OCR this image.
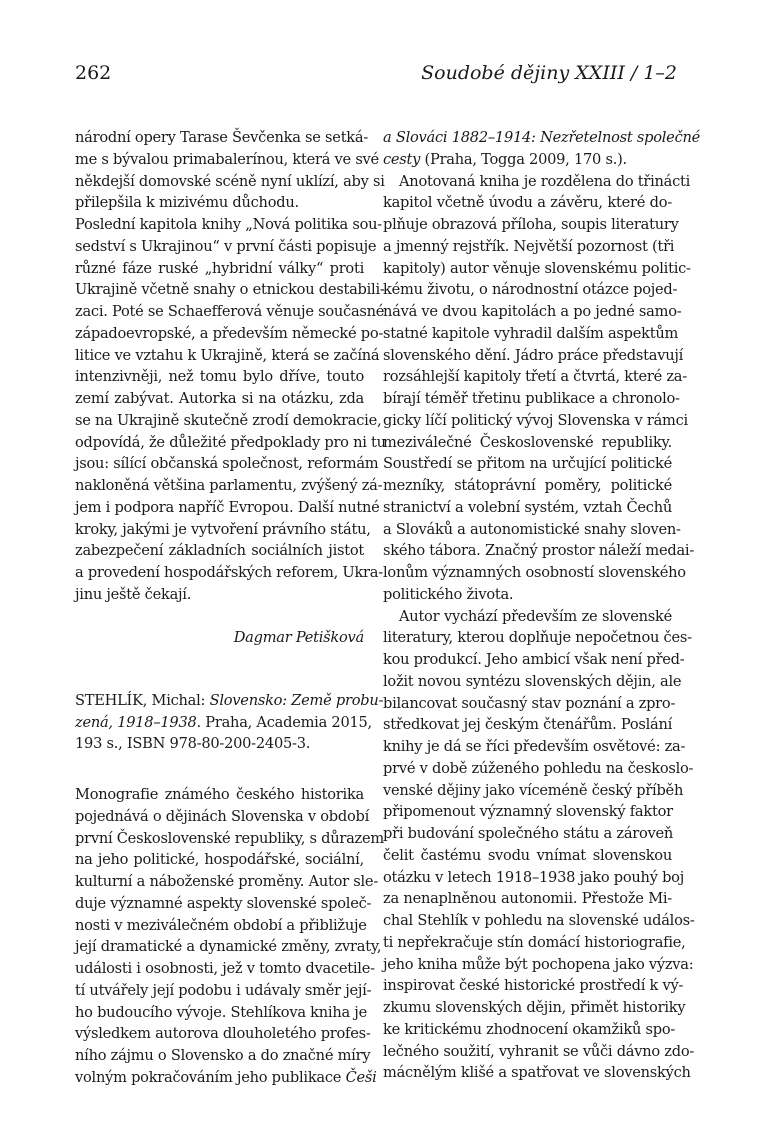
262	Soudobé dějiny XXIII / 1–2
národní opery Tarase Ševčenka se setká-
me s bývalou primabalerínou, která ve své
někdejší domovské scéně nyní uklízí, aby si
přilepšila k mizivému důchodu.
Poslední kapitola knihy „Nová politika sou-
sedství s Ukrajinou“ v první části popisuje
různé fáze ruské „hybridní války“ proti
Ukrajině včetně snahy o etnickou destabili-
zaci. Poté se Schaefferová věnuje současné
západoevropské, a především německé po-
litice ve vztahu k Ukrajině, která se začíná
intenzivněji, než tomu bylo dříve, touto
zemí zabývat. Autorka si na otázku, zda
se na Ukrajině skutečně zrodí demokracie,
odpovídá, že důležité předpoklady pro ni tu
jsou: sílící občanská společnost, reformám
nakloněná většina parlamentu, zvýšený zá-
jem i podpora napříč Evropou. Další nutné
kroky, jakými je vytvoření právního státu,
zabezpečení základních sociálních jistot
a provedení hospodářských reforem, Ukra-
jinu ještě čekají.
Dagmar Petišková
STEHLÍK, Michal: Slovensko: Země probu-
zená, 1918–1938. Praha, Academia 2015,
193 s., ISBN 978-80-200-2405-3.
Monografie známého českého historika
pojednává o dějinách Slovenska v období
první Československé republiky, s důrazem
na jeho politické, hospodářské, sociální,
kulturní a náboženské proměny. Autor sle-
duje významné aspekty slovenské společ-
nosti v meziválečném období a přibližuje
její dramatické a dynamické změny, zvraty,
události i osobnosti, jež v tomto dvacetile-
tí utvářely její podobu i udávaly směr její-
ho budoucího vývoje. Stehlíkova kniha je
výsledkem autorova dlouholetého profes-
ního zájmu o Slovensko a do značné míry
volným pokračováním jeho publikace Češi
a Slováci 1882–1914: Nezřetelnost společné
cesty (Praha, Togga 2009, 170 s.).
Anotovaná kniha je rozdělena do třinácti
kapitol včetně úvodu a závěru, které do-
plňuje obrazová příloha, soupis literatury
a jmenný rejstřík. Největší pozornost (tři
kapitoly) autor věnuje slovenskému politic-
kému životu, o národnostní otázce pojed-
nává ve dvou kapitolách a po jedné samo-
statné kapitole vyhradil dalším aspektům
slovenského dění. Jádro práce představují
rozsáhlejší kapitoly třetí a čtvrtá, které za-
bírají téměř třetinu publikace a chronolo-
gicky líčí politický vývoj Slovenska v rámci
meziválečné Československé republiky.
Soustředí se přitom na určující politické
mezníky, státoprávní poměry, politické
stranictví a volební systém, vztah Čechů
a Slováků a autonomistické snahy sloven-
ského tábora. Značný prostor náleží medai-
lonům významných osobností slovenského
politického života.
Autor vychází především ze slovenské
literatury, kterou doplňuje nepočetnou čes-
kou produkcí. Jeho ambicí však není před-
ložit novou syntézu slovenských dějin, ale
bilancovat současný stav poznání a zpro-
středkovat jej českým čtenářům. Poslání
knihy je dá se říci především osvětové: za-
prvé v době zúženého pohledu na českoslo-
venské dějiny jako víceméně český příběh
připomenout významný slovenský faktor
při budování společného státu a zároveň
čelit častému svodu vnímat slovenskou
otázku v letech 1918–1938 jako pouhý boj
za nenaplněnou autonomii. Přestože Mi-
chal Stehlík v pohledu na slovenské událos-
ti nepřekračuje stín domácí historiografie,
jeho kniha může být pochopena jako výzva:
inspirovat české historické prostředí k vý-
zkumu slovenských dějin, přimět historiky
ke kritickému zhodnocení okamžiků spo-
lečného soužití, vyhranit se vůči dávno zdo-
mácnělým klišé a spatřovat ve slovenských
